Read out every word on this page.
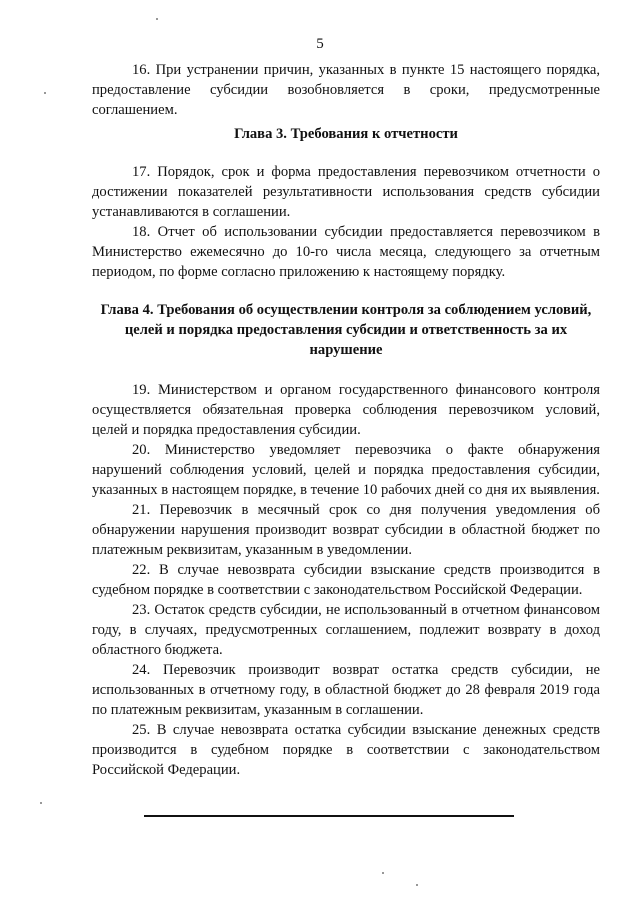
5

16. При устранении причин, указанных в пункте 15 настоящего порядка, предоставление субсидии возобновляется в сроки, предусмотренные соглашением.

Глава 3. Требования к отчетности

17. Порядок, срок и форма предоставления перевозчиком отчетности о достижении показателей результативности использования средств субсидии устанавливаются в соглашении.

18. Отчет об использовании субсидии предоставляется перевозчиком в Министерство ежемесячно до 10-го числа месяца, следующего за отчетным периодом, по форме согласно приложению к настоящему порядку.

Глава 4. Требования об осуществлении контроля за соблюдением условий, целей и порядка предоставления субсидии и ответственность за их нарушение

19. Министерством и органом государственного финансового контроля осуществляется обязательная проверка соблюдения перевозчиком условий, целей и порядка предоставления субсидии.

20. Министерство уведомляет перевозчика о факте обнаружения нарушений соблюдения условий, целей и порядка предоставления субсидии, указанных в настоящем порядке, в течение 10 рабочих дней со дня их выявления.

21. Перевозчик в месячный срок со дня получения уведомления об обнаружении нарушения производит возврат субсидии в областной бюджет по платежным реквизитам, указанным в уведомлении.

22. В случае невозврата субсидии взыскание средств производится в судебном порядке в соответствии с законодательством Российской Федерации.

23. Остаток средств субсидии, не использованный в отчетном финансовом году, в случаях, предусмотренных соглашением, подлежит возврату в доход областного бюджета.

24. Перевозчик производит возврат остатка средств субсидии, не использованных в отчетному году, в областной бюджет до 28 февраля 2019 года по платежным реквизитам, указанным в соглашении.

25. В случае невозврата остатка субсидии взыскание денежных средств производится в судебном порядке в соответствии с законодательством Российской Федерации.
